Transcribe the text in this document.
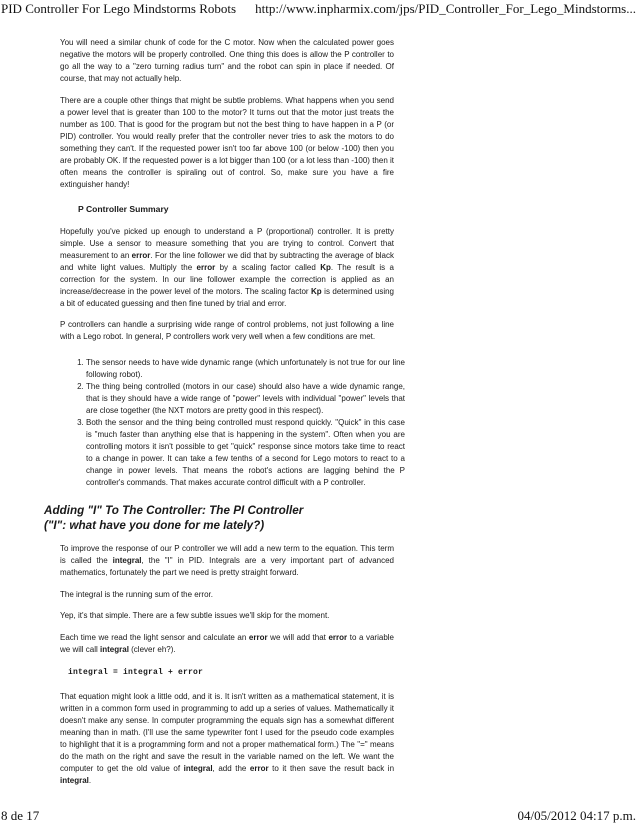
PID Controller For Lego Mindstorms Robots http://www.inpharmix.com/jps/PID_Controller_For_Lego_Mindstorms...

You will need a similar chunk of code for the C motor. Now when the calculated power goes negative the motors will be properly controlled. One thing this does is allow the P controller to go all the way to a "zero turning radius turn" and the robot can spin in place if needed. Of course, that may not actually help.

There are a couple other things that might be subtle problems. What happens when you send a power level that is greater than 100 to the motor? It turns out that the motor just treats the number as 100. That is good for the program but not the best thing to have happen in a P (or PID) controller. You would really prefer that the controller never tries to ask the motors to do something they can't. If the requested power isn't too far above 100 (or below -100) then you are probably OK. If the requested power is a lot bigger than 100 (or a lot less than -100) then it often means the controller is spiraling out of control. So, make sure you have a fire extinguisher handy!

P Controller Summary

Hopefully you've picked up enough to understand a P (proportional) controller. It is pretty simple. Use a sensor to measure something that you are trying to control. Convert that measurement to an error. For the line follower we did that by subtracting the average of black and white light values. Multiply the error by a scaling factor called Kp. The result is a correction for the system. In our line follower example the correction is applied as an increase/decrease in the power level of the motors. The scaling factor Kp is determined using a bit of educated guessing and then fine tuned by trial and error.

P controllers can handle a surprising wide range of control problems, not just following a line with a Lego robot. In general, P controllers work very well when a few conditions are met.

1. The sensor needs to have wide dynamic range (which unfortunately is not true for our line following robot).
2. The thing being controlled (motors in our case) should also have a wide dynamic range, that is they should have a wide range of "power" levels with individual "power" levels that are close together (the NXT motors are pretty good in this respect).
3. Both the sensor and the thing being controlled must respond quickly. "Quick" in this case is "much faster than anything else that is happening in the system". Often when you are controlling motors it isn't possible to get "quick" response since motors take time to react to a change in power. It can take a few tenths of a second for Lego motors to react to a change in power levels. That means the robot's actions are lagging behind the P controller's commands. That makes accurate control difficult with a P controller.
Adding "I" To The Controller: The PI Controller
("I": what have you done for me lately?)

To improve the response of our P controller we will add a new term to the equation. This term is called the integral, the "I" in PID. Integrals are a very important part of advanced mathematics, fortunately the part we need is pretty straight forward.

The integral is the running sum of the error.

Yep, it's that simple. There are a few subtle issues we'll skip for the moment.

Each time we read the light sensor and calculate an error we will add that error to a variable we will call integral (clever eh?).

integral = integral + error

That equation might look a little odd, and it is. It isn't written as a mathematical statement, it is written in a common form used in programming to add up a series of values. Mathematically it doesn't make any sense. In computer programming the equals sign has a somewhat different meaning than in math. (I'll use the same typewriter font I used for the pseudo code examples to highlight that it is a programming form and not a proper mathematical form.) The "=" means do the math on the right and save the result in the variable named on the left. We want the computer to get the old value of integral, add the error to it then save the result back in integral.

8 de 17	04/05/2012 04:17 p.m.
